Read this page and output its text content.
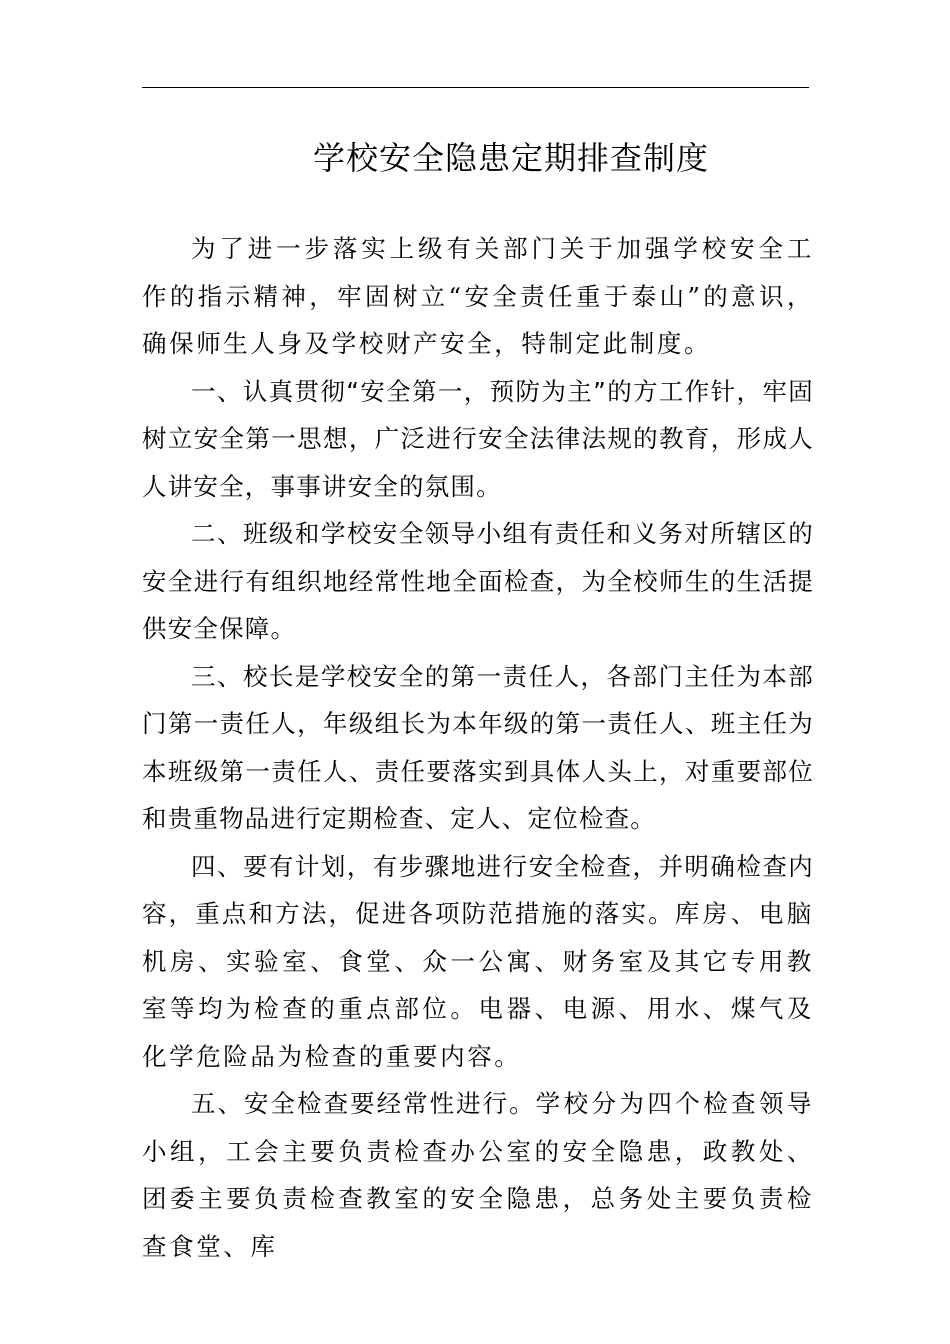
学校安全隐患定期排查制度

为了进一步落实上级有关部门关于加强学校安全工作的指示精神，牢固树立“安全责任重于泰山”的意识，确保师生人身及学校财产安全，特制定此制度。

一、认真贯彻“安全第一，预防为主”的方工作针，牢固树立安全第一思想，广泛进行安全法律法规的教育，形成人人讲安全，事事讲安全的氛围。

二、班级和学校安全领导小组有责任和义务对所辖区的安全进行有组织地经常性地全面检查，为全校师生的生活提供安全保障。

三、校长是学校安全的第一责任人，各部门主任为本部门第一责任人，年级组长为本年级的第一责任人、班主任为本班级第一责任人、责任要落实到具体人头上，对重要部位和贵重物品进行定期检查、定人、定位检查。

四、要有计划，有步骤地进行安全检查，并明确检查内容，重点和方法，促进各项防范措施的落实。库房、电脑机房、实验室、食堂、众一公寓、财务室及其它专用教室等均为检查的重点部位。电器、电源、用水、煤气及化学危险品为检查的重要内容。

五、安全检查要经常性进行。学校分为四个检查领导小组，工会主要负责检查办公室的安全隐患，政教处、团委主要负责检查教室的安全隐患，总务处主要负责检查食堂、库
